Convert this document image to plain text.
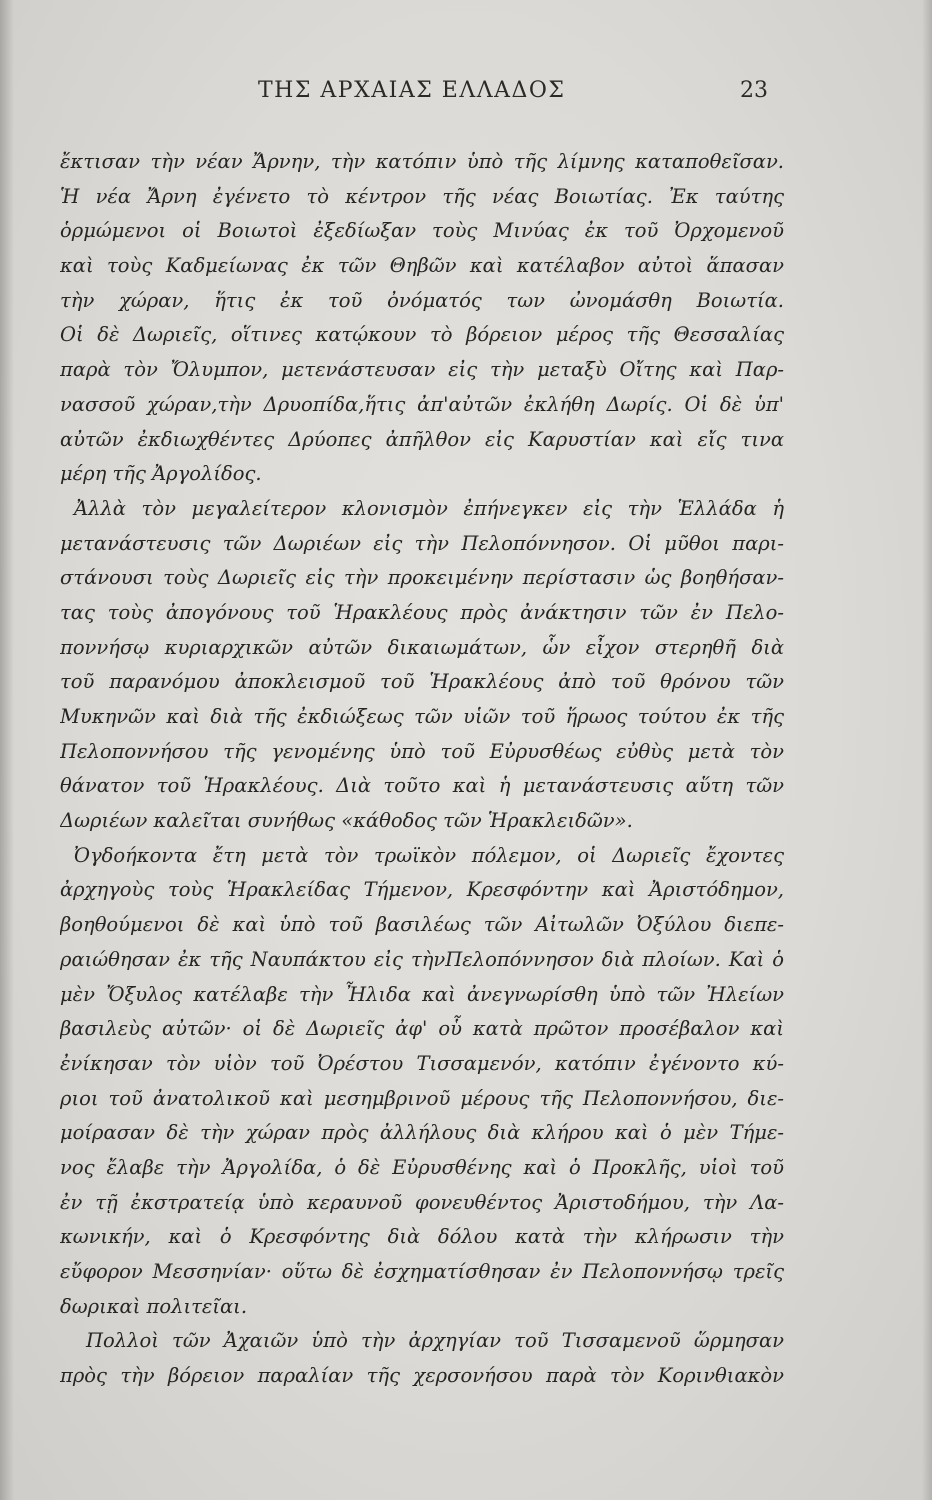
ΤΗΣ ΑΡΧΑΙΑΣ ΕΛΛΑΔΟΣ	23
ἔκτισαν τὴν νέαν Ἄρνην, τὴν κατόπιν ὑπὸ τῆς λίμνης καταποθεῖσαν.
Ἡ νέα Ἄρνη ἐγένετο τὸ κέντρον τῆς νέας Βοιωτίας. Ἐκ ταύτης
ὁρμώμενοι οἱ Βοιωτοὶ ἐξεδίωξαν τοὺς Μινύας ἐκ τοῦ Ὀρχομενοῦ
καὶ τοὺς Καδμείωνας ἐκ τῶν Θηβῶν καὶ κατέλαβον αὐτοὶ ἅπασαν
τὴν χώραν, ἥτις ἐκ τοῦ ὀνόματός των ὠνομάσθη Βοιωτία.
Οἱ δὲ Δωριεῖς, οἵτινες κατῴκουν τὸ βόρειον μέρος τῆς Θεσσαλίας
παρὰ τὸν Ὄλυμπον, μετενάστευσαν εἰς τὴν μεταξὺ Οἴτης καὶ Παρ-
νασσοῦ χώραν,τὴν Δρυοπίδα,ἥτις ἀπ'αὐτῶν ἐκλήθη Δωρίς. Οἱ δὲ ὑπ'
αὐτῶν ἐκδιωχθέντες Δρύοπες ἀπῆλθον εἰς Καρυστίαν καὶ εἴς τινα
μέρη τῆς Ἀργολίδος.
Ἀλλὰ τὸν μεγαλείτερον κλονισμὸν ἐπήνεγκεν εἰς τὴν Ἑλλάδα ἡ
μετανάστευσις τῶν Δωριέων εἰς τὴν Πελοπόννησον. Οἱ μῦθοι παρι-
στάνουσι τοὺς Δωριεῖς εἰς τὴν προκειμένην περίστασιν ὡς βοηθήσαν-
τας τοὺς ἀπογόνους τοῦ Ἡρακλέους πρὸς ἀνάκτησιν τῶν ἐν Πελο-
ποννήσῳ κυριαρχικῶν αὐτῶν δικαιωμάτων, ὧν εἶχον στερηθῆ διὰ
τοῦ παρανόμου ἀποκλεισμοῦ τοῦ Ἡρακλέους ἀπὸ τοῦ θρόνου τῶν
Μυκηνῶν καὶ διὰ τῆς ἐκδιώξεως τῶν υἱῶν τοῦ ἥρωος τούτου ἐκ τῆς
Πελοποννήσου τῆς γενομένης ὑπὸ τοῦ Εὐρυσθέως εὐθὺς μετὰ τὸν
θάνατον τοῦ Ἡρακλέους. Διὰ τοῦτο καὶ ἡ μετανάστευσις αὕτη τῶν
Δωριέων καλεῖται συνήθως «κάθοδος τῶν Ἡρακλειδῶν».
Ὀγδοήκοντα ἔτη μετὰ τὸν τρωϊκὸν πόλεμον, οἱ Δωριεῖς ἔχοντες
ἀρχηγοὺς τοὺς Ἡρακλείδας Τήμενον, Κρεσφόντην καὶ Ἀριστόδημον,
βοηθούμενοι δὲ καὶ ὑπὸ τοῦ βασιλέως τῶν Αἰτωλῶν Ὀξύλου διεπε-
ραιώθησαν ἐκ τῆς Ναυπάκτου εἰς τὴνΠελοπόννησον διὰ πλοίων. Καὶ ὁ
μὲν Ὄξυλος κατέλαβε τὴν Ἦλιδα καὶ ἀνεγνωρίσθη ὑπὸ τῶν Ἠλείων
βασιλεὺς αὐτῶν· οἱ δὲ Δωριεῖς ἀφ' οὗ κατὰ πρῶτον προσέβαλον καὶ
ἐνίκησαν τὸν υἱὸν τοῦ Ὀρέστου Τισσαμενόν, κατόπιν ἐγένοντο κύ-
ριοι τοῦ ἀνατολικοῦ καὶ μεσημβρινοῦ μέρους τῆς Πελοποννήσου, διε-
μοίρασαν δὲ τὴν χώραν πρὸς ἀλλήλους διὰ κλήρου καὶ ὁ μὲν Τήμε-
νος ἔλαβε τὴν Ἀργολίδα, ὁ δὲ Εὐρυσθένης καὶ ὁ Προκλῆς, υἱοὶ τοῦ
ἐν τῇ ἐκστρατείᾳ ὑπὸ κεραυνοῦ φονευθέντος Ἀριστοδήμου, τὴν Λα-
κωνικήν, καὶ ὁ Κρεσφόντης διὰ δόλου κατὰ τὴν κλήρωσιν τὴν
εὔφορον Μεσσηνίαν· οὕτω δὲ ἐσχηματίσθησαν ἐν Πελοποννήσῳ τρεῖς
δωρικαὶ πολιτεῖαι.
Πολλοὶ τῶν Ἀχαιῶν ὑπὸ τὴν ἀρχηγίαν τοῦ Τισσαμενοῦ ὥρμησαν
πρὸς τὴν βόρειον παραλίαν τῆς χερσονήσου παρὰ τὸν Κορινθιακὸν
